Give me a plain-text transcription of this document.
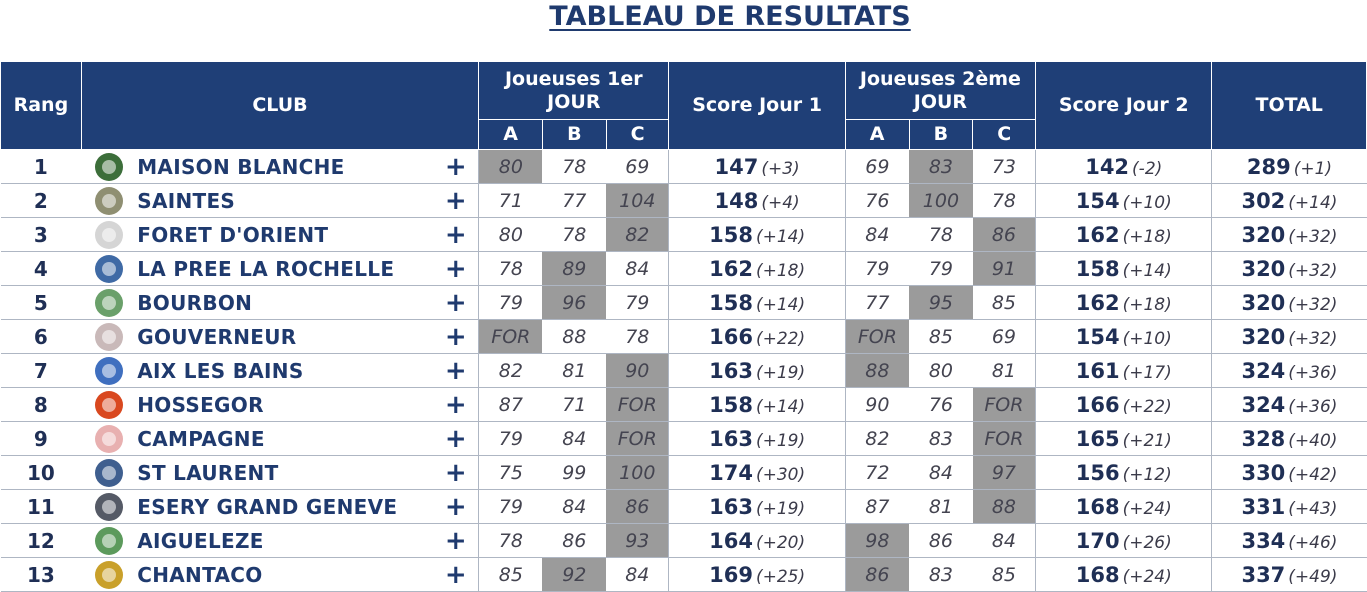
TABLEAU DE RESULTATS
Rang	CLUB			Joueuses 1er JOUR			Score Jour 1	Joueuses 2ème JOUR			Score Jour 2	TOTAL
				A	B	C		A	B	C		
1		MAISON BLANCHE	+	80	78	69	147 (+3)	69	83	73	142 (-2)	289 (+1)
2		SAINTES	+	71	77	104	148 (+4)	76	100	78	154 (+10)	302 (+14)
3		FORET D'ORIENT	+	80	78	82	158 (+14)	84	78	86	162 (+18)	320 (+32)
4		LA PREE LA ROCHELLE	+	78	89	84	162 (+18)	79	79	91	158 (+14)	320 (+32)
5		BOURBON	+	79	96	79	158 (+14)	77	95	85	162 (+18)	320 (+32)
6		GOUVERNEUR	+	FOR	88	78	166 (+22)	FOR	85	69	154 (+10)	320 (+32)
7		AIX LES BAINS	+	82	81	90	163 (+19)	88	80	81	161 (+17)	324 (+36)
8		HOSSEGOR	+	87	71	FOR	158 (+14)	90	76	FOR	166 (+22)	324 (+36)
9		CAMPAGNE	+	79	84	FOR	163 (+19)	82	83	FOR	165 (+21)	328 (+40)
10		ST LAURENT	+	75	99	100	174 (+30)	72	84	97	156 (+12)	330 (+42)
11		ESERY GRAND GENEVE	+	79	84	86	163 (+19)	87	81	88	168 (+24)	331 (+43)
12		AIGUELEZE	+	78	86	93	164 (+20)	98	86	84	170 (+26)	334 (+46)
13		CHANTACO	+	85	92	84	169 (+25)	86	83	85	168 (+24)	337 (+49)
